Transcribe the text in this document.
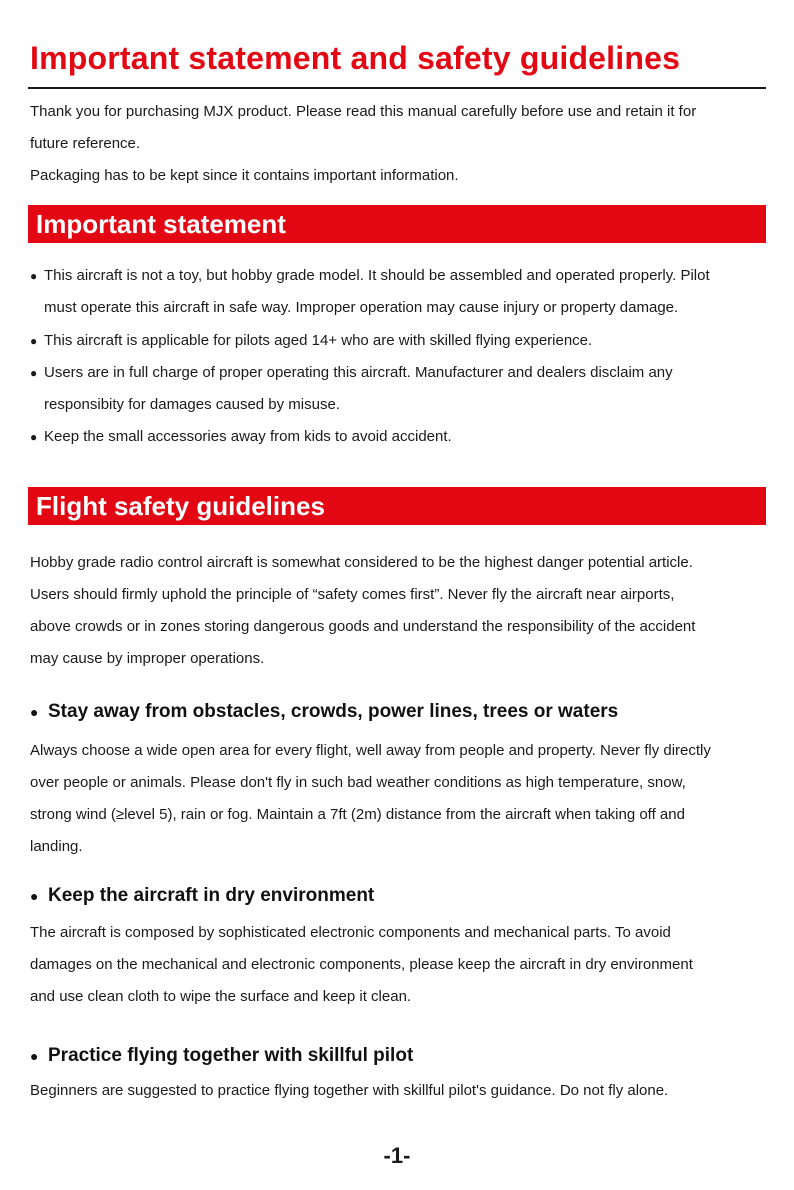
Important statement and safety guidelines

Thank you for purchasing MJX product. Please read this manual carefully before use and retain it for

future reference.

Packaging has to be kept since it contains important information.

Important statement

● This aircraft is not a toy, but hobby grade model. It should be assembled and operated properly. Pilot

must operate this aircraft in safe way. Improper operation may cause injury or property damage.

● This aircraft is applicable for pilots aged 14+ who are with skilled flying experience.

● Users are in full charge of proper operating this aircraft. Manufacturer and dealers disclaim any

responsibity for damages caused by misuse.

● Keep the small accessories away from kids to avoid accident.

Flight safety guidelines

Hobby grade radio control aircraft is somewhat considered to be the highest danger potential article.

Users should firmly uphold the principle of “safety comes first”. Never fly the aircraft near airports,

above crowds or in zones storing dangerous goods and understand the responsibility of the accident

may cause by improper operations.

● Stay away from obstacles, crowds, power lines, trees or waters

Always choose a wide open area for every flight, well away from people and property. Never fly directly

over people or animals. Please don't fly in such bad weather conditions as high temperature, snow,

strong wind (≥level 5), rain or fog. Maintain a 7ft (2m) distance from the aircraft when taking off and

landing.

● Keep the aircraft in dry environment

The aircraft is composed by sophisticated electronic components and mechanical parts. To avoid

damages on the mechanical and electronic components, please keep the aircraft in dry environment

and use clean cloth to wipe the surface and keep it clean.

● Practice flying together with skillful pilot

Beginners are suggested to practice flying together with skillful pilot's guidance. Do not fly alone.

-1-
